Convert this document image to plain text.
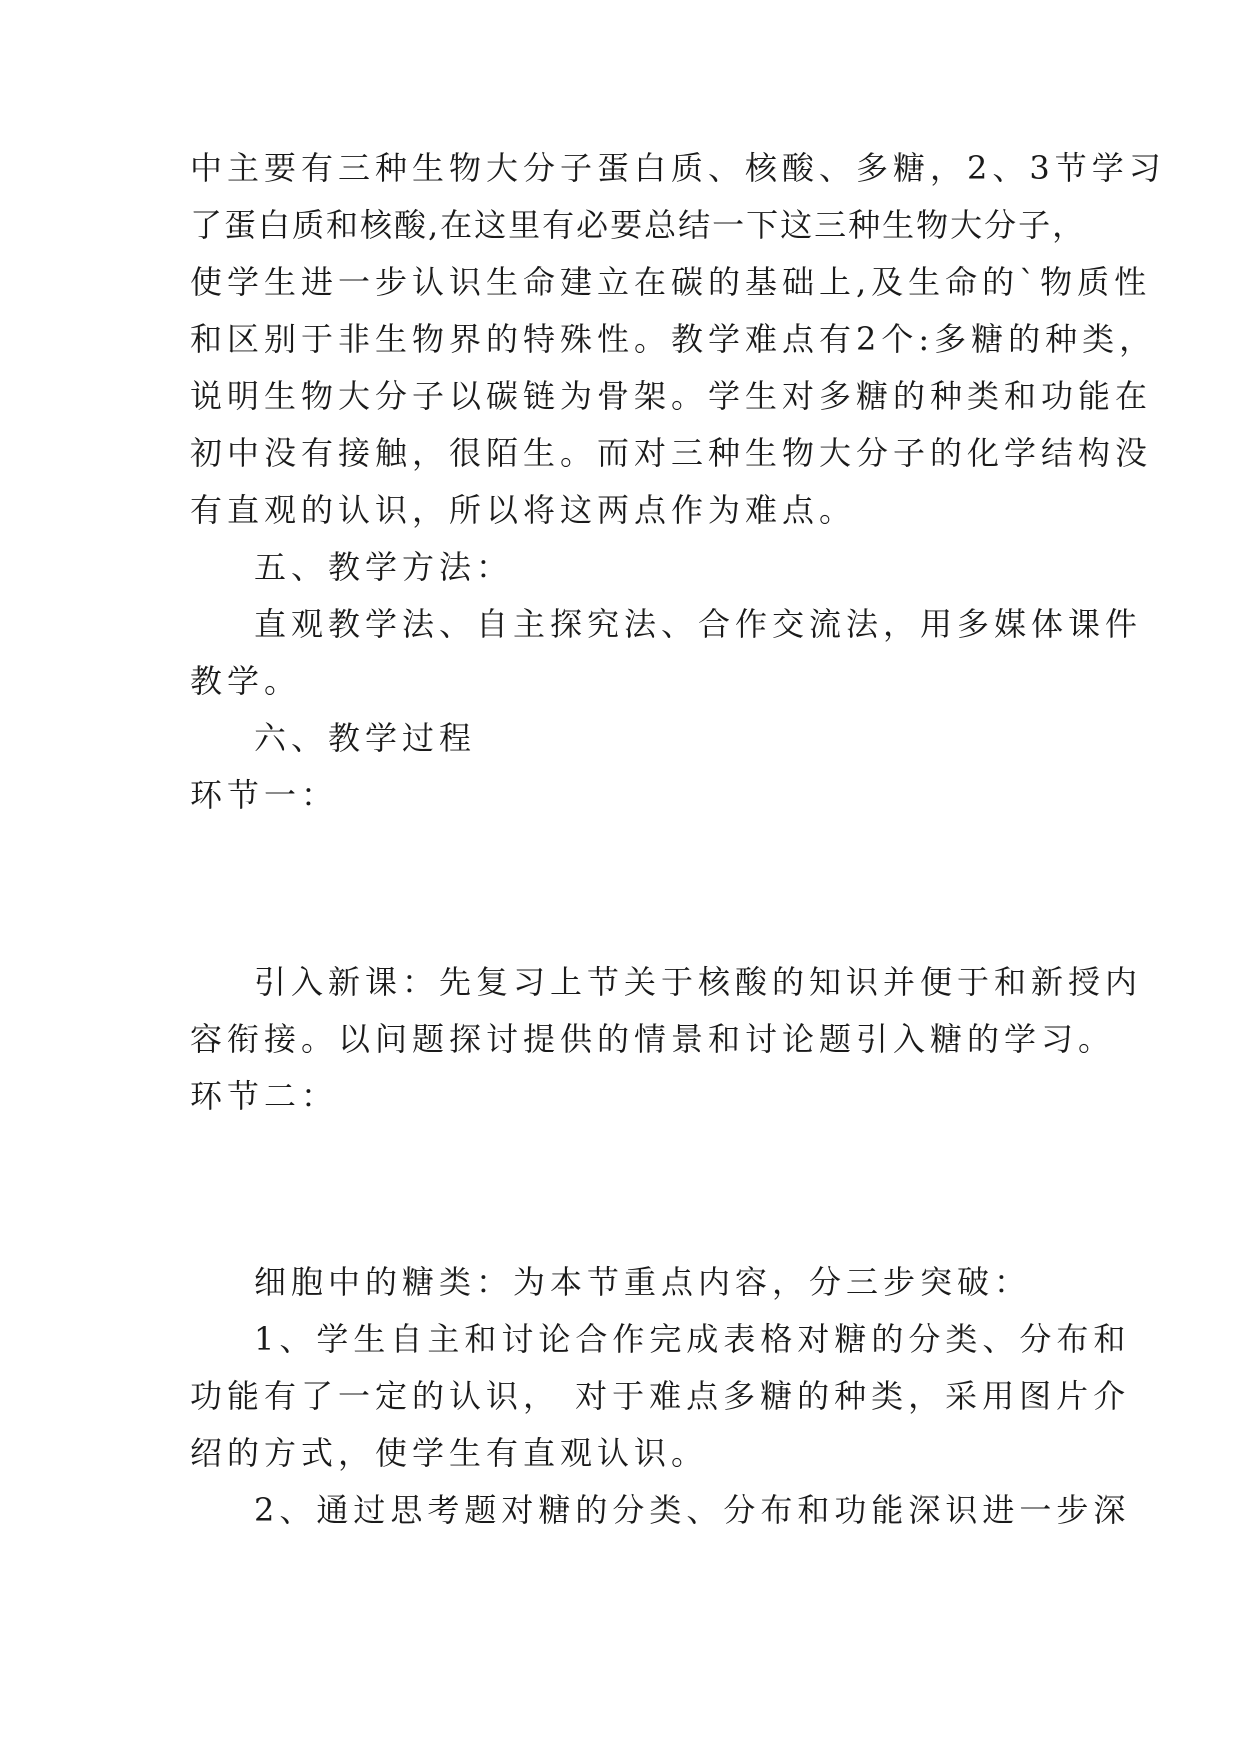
中主要有三种生物大分子蛋白质、核酸、多糖，2、3节学习
了蛋白质和核酸,在这里有必要总结一下这三种生物大分子，
使学生进一步认识生命建立在碳的基础上,及生命的`物质性
和区别于非生物界的特殊性。教学难点有2个:多糖的种类，
说明生物大分子以碳链为骨架。学生对多糖的种类和功能在
初中没有接触，很陌生。而对三种生物大分子的化学结构没
有直观的认识，所以将这两点作为难点。
五、教学方法：
直观教学法、自主探究法、合作交流法，用多媒体课件
教学。
六、教学过程
环节一：
引入新课：先复习上节关于核酸的知识并便于和新授内
容衔接。以问题探讨提供的情景和讨论题引入糖的学习。
环节二：
细胞中的糖类：为本节重点内容，分三步突破：
1、学生自主和讨论合作完成表格对糖的分类、分布和
功能有了一定的认识， 对于难点多糖的种类，采用图片介
绍的方式，使学生有直观认识。
2、通过思考题对糖的分类、分布和功能深识进一步深
